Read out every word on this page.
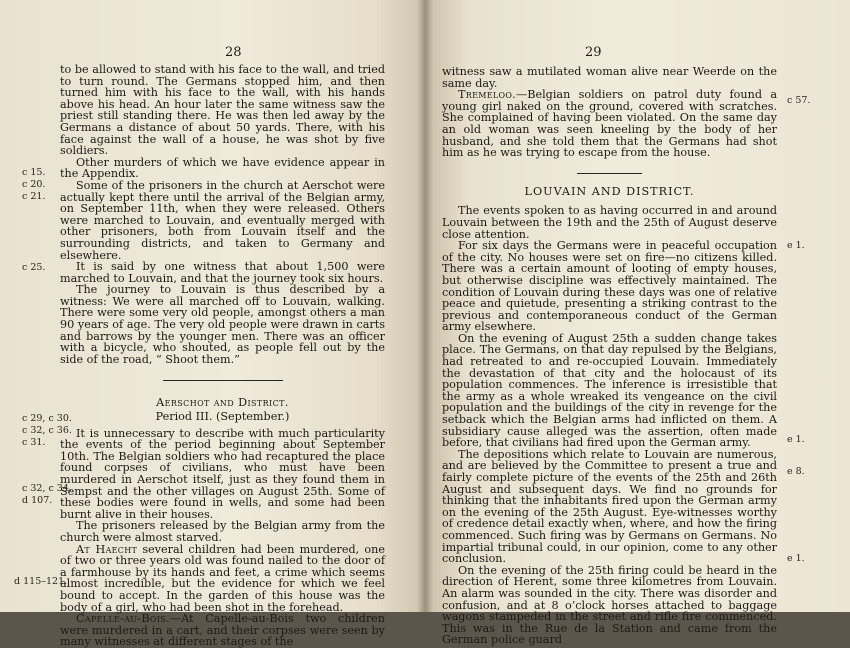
28

to be allowed to stand with his face to the wall, and tried to turn round. The Germans stopped him, and then turned him with his face to the wall, with his hands above his head. An hour later the same witness saw the priest still standing there. He was then led away by the Germans a distance of about 50 yards. There, with his face against the wall of a house, he was shot by five soldiers.

Other murders of which we have evidence appear in the Appendix.

Some of the prisoners in the church at Aerschot were actually kept there until the arrival of the Belgian army, on September 11th, when they were released. Others were marched to Louvain, and eventually merged with other prisoners, both from Louvain itself and the surrounding districts, and taken to Germany and elsewhere.

It is said by one witness that about 1,500 were marched to Louvain, and that the journey took six hours.

The journey to Louvain is thus described by a witness: We were all marched off to Louvain, walking. There were some very old people, amongst others a man 90 years of age. The very old people were drawn in carts and barrows by the younger men. There was an officer with a bicycle, who shouted, as people fell out by the side of the road, “ Shoot them.”

Aerschot and District.
Period III. (September.)

It is unnecessary to describe with much particularity the events of the period beginning about September 10th. The Belgian soldiers who had recaptured the place found corpses of civilians, who must have been murdered in Aerschot itself, just as they found them in Sempst and the other villages on August 25th. Some of these bodies were found in wells, and some had been burnt alive in their houses.

The prisoners released by the Belgian army from the church were almost starved.

At Haecht several children had been murdered, one of two or three years old was found nailed to the door of a farmhouse by its hands and feet, a crime which seems almost incredible, but the evidence for which we feel bound to accept. In the garden of this house was the body of a girl, who had been shot in the forehead.

Capelle-au-Bois.—At Capelle-au-Bois two children were murdered in a cart, and their corpses were seen by many witnesses at different stages of the

c 15.
c 20.
c 21.
c 25.
c 29, c 30.
c 32, c 36.
c 31.
c 32, c 34.
d 107.
d 115–121.
29

witness saw a mutilated woman alive near Weerde on the same day.

Tremeloo.—Belgian soldiers on patrol duty found a young girl naked on the ground, covered with scratches. She complained of having been violated. On the same day an old woman was seen kneeling by the body of her husband, and she told them that the Germans had shot him as he was trying to escape from the house.

LOUVAIN AND DISTRICT.

The events spoken to as having occurred in and around Louvain between the 19th and the 25th of August deserve close attention.

For six days the Germans were in peaceful occupation of the city. No houses were set on fire—no citizens killed. There was a certain amount of looting of empty houses, but otherwise discipline was effectively maintained. The condition of Louvain during these days was one of relative peace and quietude, presenting a striking contrast to the previous and contemporaneous conduct of the German army elsewhere.

On the evening of August 25th a sudden change takes place. The Germans, on that day repulsed by the Belgians, had retreated to and re-occupied Louvain. Immediately the devastation of that city and the holocaust of its population commences. The inference is irresistible that the army as a whole wreaked its vengeance on the civil population and the buildings of the city in revenge for the setback which the Belgian arms had inflicted on them. A subsidiary cause alleged was the assertion, often made before, that civilians had fired upon the German army.

The depositions which relate to Louvain are numerous, and are believed by the Committee to present a true and fairly complete picture of the events of the 25th and 26th August and subsequent days. We find no grounds for thinking that the inhabitants fired upon the German army on the evening of the 25th August. Eye-witnesses worthy of credence detail exactly when, where, and how the firing commenced. Such firing was by Germans on Germans. No impartial tribunal could, in our opinion, come to any other conclusion.

On the evening of the 25th firing could be heard in the direction of Herent, some three kilometres from Louvain. An alarm was sounded in the city. There was disorder and confusion, and at 8 o’clock horses attached to baggage wagons stampeded in the street and rifle fire commenced. This was in the Rue de la Station and came from the German police guard

c 57.
e 1.
e 1.
e 8.
e 1.
